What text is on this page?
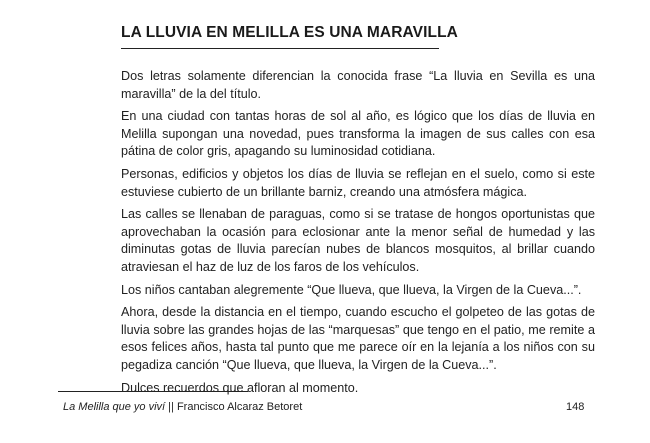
LA LLUVIA EN MELILLA ES UNA MARAVILLA

Dos letras solamente diferencian la conocida frase “La lluvia en Sevilla es una maravilla” de la del título.

En una ciudad con tantas horas de sol al año, es lógico que los días de lluvia en Melilla supongan una novedad, pues transforma la imagen de sus calles con esa pátina de color gris, apagando su luminosidad cotidiana.

Personas, edificios y objetos los días de lluvia se reflejan en el suelo, como si este estuviese cubierto de un brillante barniz, creando una atmósfera mágica.

Las calles se llenaban de paraguas, como si se tratase de hongos oportunistas que aprovechaban la ocasión para eclosionar ante la menor señal de humedad y las diminutas gotas de lluvia parecían nubes de blancos mosquitos, al brillar cuando atraviesan el haz de luz de los faros de los vehículos.

Los niños cantaban alegremente “Que llueva, que llueva, la Virgen de la Cueva...”.

Ahora, desde la distancia en el tiempo, cuando escucho el golpeteo de las gotas de lluvia sobre las grandes hojas de las “marquesas” que tengo en el patio, me remite a esos felices años, hasta tal punto que me parece oír en la lejanía a los niños con su pegadiza canción “Que llueva, que llueva, la Virgen de la Cueva...”.

Dulces recuerdos que afloran al momento.

La Melilla que yo viví || Francisco Alcaraz Betoret	148
